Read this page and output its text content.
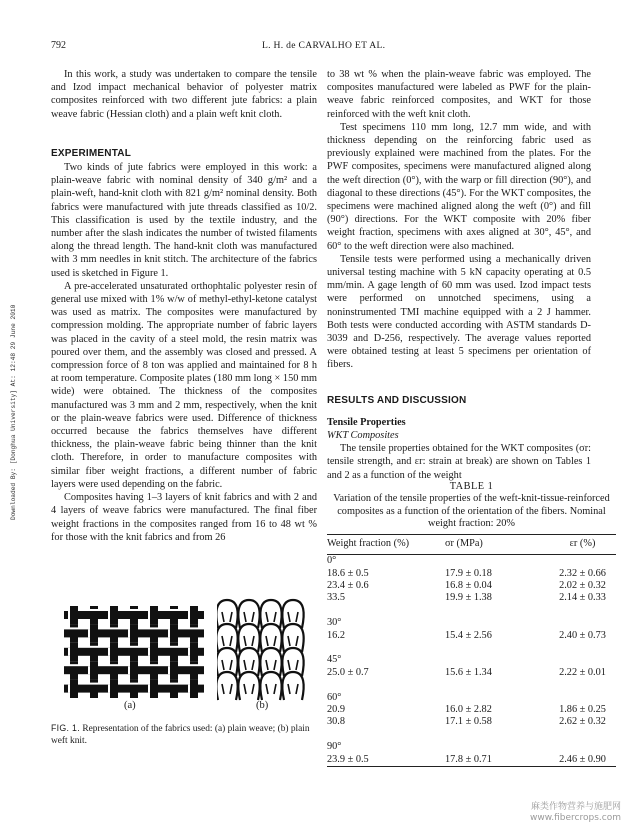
792	L. H. de CARVALHO ET AL.
Downloaded By: [Donghua University] At: 12:48 29 June 2010

In this work, a study was undertaken to compare the tensile and Izod impact mechanical behavior of polyester matrix composites reinforced with two different jute fabrics: a plain weave fabric (Hessian cloth) and a plain weft knit cloth.

EXPERIMENTAL

Two kinds of jute fabrics were employed in this work: a plain-weave fabric with nominal density of 340 g/m² and a plain-weft, hand-knit cloth with 821 g/m² nominal density. Both fabrics were manufactured with jute threads classified as 10/2. This classification is used by the textile industry, and the number after the slash indicates the number of twisted filaments along the thread length. The hand-knit cloth was manufactured with 3 mm needles in knit stitch. The architecture of the fabrics used is sketched in Figure 1.

A pre-accelerated unsaturated orthophtalic polyester resin of general use mixed with 1% w/w of methyl-ethyl-ketone catalyst was used as matrix. The composites were manufactured by compression molding. The appropriate number of fabric layers was placed in the cavity of a steel mold, the resin matrix was poured over them, and the assembly was closed and pressed. A compression force of 8 ton was applied and maintained for 8 h at room temperature. Composite plates (180 mm long × 150 mm wide) were obtained. The thickness of the composites manufactured was 3 mm and 2 mm, respectively, when the knit or the plain-weave fabrics were used. Difference of thickness occurred because the fabrics themselves have different thickness, the plain-weave fabric being thinner than the knit cloth. Therefore, in order to manufacture composites with similar fiber weight fractions, a different number of fabric layers were used depending on the fabric.

Composites having 1–3 layers of knit fabrics and with 2 and 4 layers of weave fabrics were manufactured. The final fiber weight fractions in the composites ranged from 16 to 48 wt % for those with the knit fabrics and from 26

(a)	(b)
FIG. 1. Representation of the fabrics used: (a) plain weave; (b) plain weft knit.

to 38 wt % when the plain-weave fabric was employed. The composites manufactured were labeled as PWF for the plain-weave fabric reinforced composites, and WKT for those reinforced with the weft knit cloth.

Test specimens 110 mm long, 12.7 mm wide, and with thickness depending on the reinforcing fabric used as previously explained were machined from the plates. For the PWF composites, specimens were manufactured aligned along the weft direction (0°), with the warp or fill direction (90°), and diagonal to these directions (45°). For the WKT composites, the specimens were machined aligned along the weft (0°) and fill (90°) directions. For the WKT composite with 20% fiber weight fraction, specimens with axes aligned at 30°, 45°, and 60° to the weft direction were also machined.

Tensile tests were performed using a mechanically driven universal testing machine with 5 kN capacity operating at 0.5 mm/min. A gage length of 60 mm was used. Izod impact tests were performed on unnotched specimens, using a noninstrumented TMI machine equipped with a 2 J hammer. Both tests were conducted according with ASTM standards D-3039 and D-256, respectively. The average values reported were obtained testing at least 5 specimens per orientation of fibers.

RESULTS AND DISCUSSION

Tensile Properties

WKT Composites

The tensile properties obtained for the WKT composites (σr: tensile strength, and εr: strain at break) are shown on Tables 1 and 2 as a function of the weight

TABLE 1
Variation of the tensile properties of the weft-knit-tissue-reinforced composites as a function of the orientation of the fibers. Nominal weight fraction: 20%
Weight fraction (%)	σr (MPa)	εr (%)
0°		
18.6 ± 0.5	17.9 ± 0.18	2.32 ± 0.66
23.4 ± 0.6	16.8 ± 0.04	2.02 ± 0.32
33.5	19.9 ± 1.38	2.14 ± 0.33

30°		
16.2	15.4 ± 2.56	2.40 ± 0.73

45°		
25.0 ± 0.7	15.6 ± 1.34	2.22 ± 0.01

60°		
20.9	16.0 ± 2.82	1.86 ± 0.25
30.8	17.1 ± 0.58	2.62 ± 0.32

90°		
23.9 ± 0.5	17.8 ± 0.71	2.46 ± 0.90
麻类作物营养与施肥网
www.fibercrops.com
